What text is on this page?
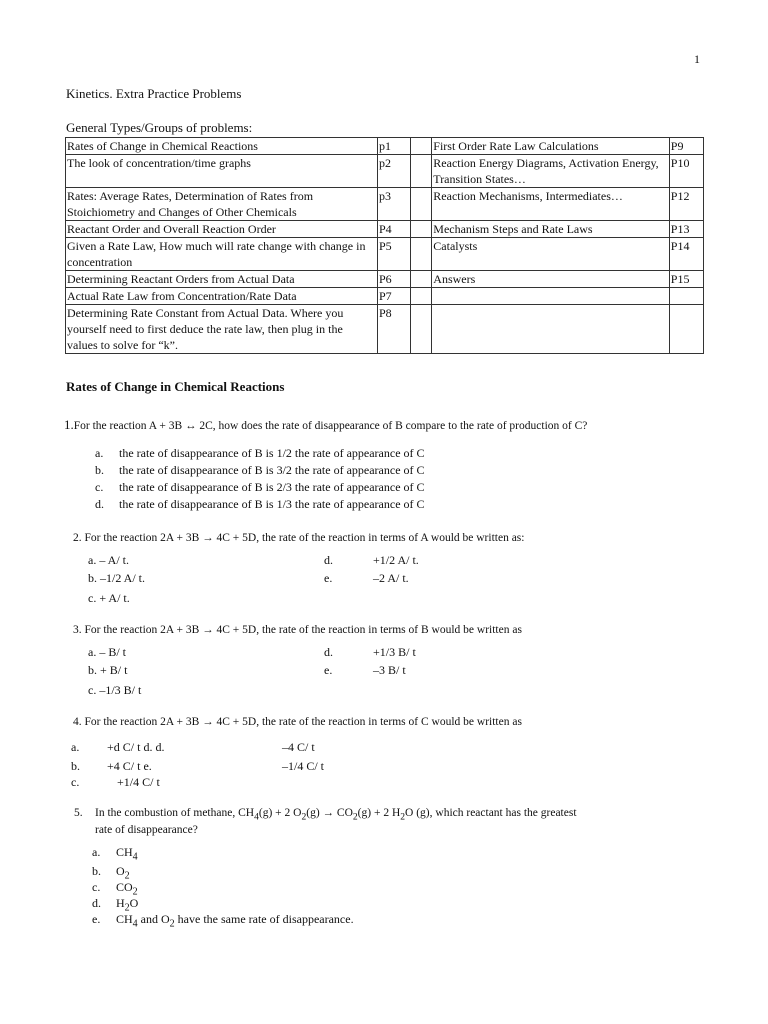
1
Kinetics. Extra Practice Problems
General Types/Groups of problems:
Rates of Change in Chemical Reactions	p1		First Order Rate Law Calculations	P9
The look of concentration/time graphs	p2		Reaction Energy Diagrams, Activation Energy, Transition States…	P10
Rates: Average Rates, Determination of Rates from Stoichiometry and Changes of Other Chemicals	p3		Reaction Mechanisms, Intermediates…	P12
Reactant Order and Overall Reaction Order	P4		Mechanism Steps and Rate Laws	P13
Given a Rate Law, How much will rate change with change in concentration	P5		Catalysts	P14
Determining Reactant Orders from Actual Data	P6		Answers	P15
Actual Rate Law from Concentration/Rate Data	P7			
Determining Rate Constant from Actual Data. Where you yourself need to first deduce the rate law, then plug in the values to solve for “k”.	P8			
Rates of Change in Chemical Reactions
1.For the reaction A + 3B ↔ 2C, how does the rate of disappearance of B compare to the rate of production of C?
a. the rate of disappearance of B is 1/2 the rate of appearance of C
b. the rate of disappearance of B is 3/2 the rate of appearance of C
c. the rate of disappearance of B is 2/3 the rate of appearance of C
d. the rate of disappearance of B is 1/3 the rate of appearance of C
2. For the reaction 2A + 3B → 4C + 5D, the rate of the reaction in terms of A would be written as:
a. – A/ t.
b. –1/2 A/ t.
c. + A/ t.
d.	+1/2 A/ t.
e.	–2 A/ t.
3. For the reaction 2A + 3B → 4C + 5D, the rate of the reaction in terms of B would be written as
a. – B/ t
b. + B/ t
c. –1/3 B/ t
d.	+1/3 B/ t
e.	–3 B/ t
4. For the reaction 2A + 3B → 4C + 5D, the rate of the reaction in terms of C would be written as
a. +d C/ t d. d.	–4 C/ t
b. +4 C/ t e.	–1/4 C/ t
c.	+1/4 C/ t
5. In the combustion of methane, $CH_4(g) + 2$ $O_2(g) \to CO_2(g) + 2$ $H_2O$ (g), which reactant has the greatest
rate of disappearance?
a. $CH_4$
b. $O_2$
c. $CO_2$
d. $H_2O$
e. $CH_4$ and $O_2$ have the same rate of disappearance.
